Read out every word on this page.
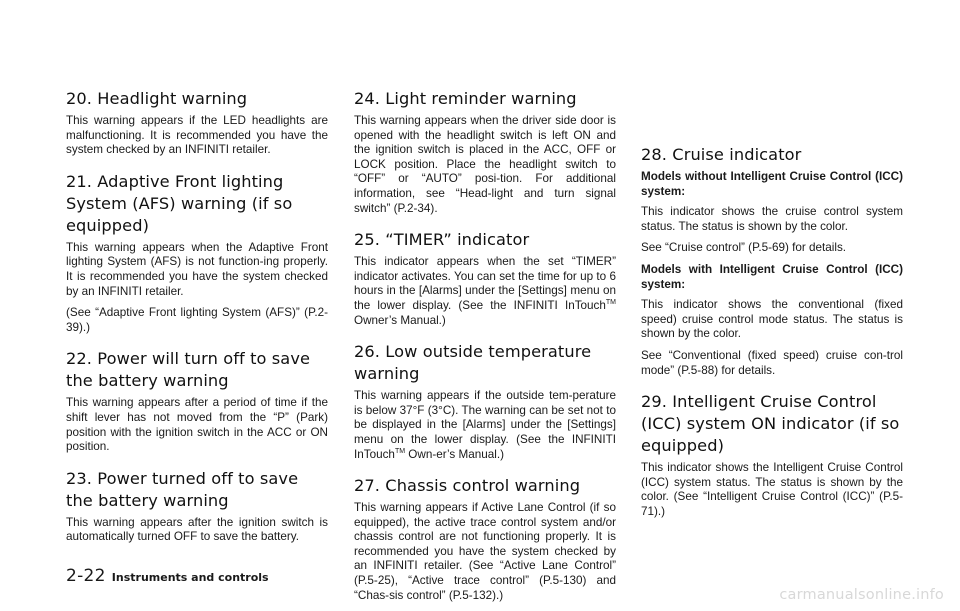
20. Headlight warning

This warning appears if the LED headlights are malfunctioning. It is recommended you have the system checked by an INFINITI retailer.

21. Adaptive Front lighting System (AFS) warning (if so equipped)

This warning appears when the Adaptive Front lighting System (AFS) is not function-ing properly. It is recommended you have the system checked by an INFINITI retailer.

(See “Adaptive Front lighting System (AFS)” (P.2-39).)

22. Power will turn off to save the battery warning

This warning appears after a period of time if the shift lever has not moved from the “P” (Park) position with the ignition switch in the ACC or ON position.

23. Power turned off to save the battery warning

This warning appears after the ignition switch is automatically turned OFF to save the battery.

24. Light reminder warning

This warning appears when the driver side door is opened with the headlight switch is left ON and the ignition switch is placed in the ACC, OFF or LOCK position. Place the headlight switch to “OFF” or “AUTO” posi-tion. For additional information, see “Head-light and turn signal switch” (P.2-34).

25. “TIMER” indicator

This indicator appears when the set “TIMER” indicator activates. You can set the time for up to 6 hours in the [Alarms] under the [Settings] menu on the lower display. (See the INFINITI InTouch™ Owner’s Manual.)

26. Low outside temperature warning

This warning appears if the outside tem-perature is below 37°F (3°C). The warning can be set not to be displayed in the [Alarms] under the [Settings] menu on the lower display. (See the INFINITI InTouch™ Own-er’s Manual.)

27. Chassis control warning

This warning appears if Active Lane Control (if so equipped), the active trace control system and/or chassis control are not functioning properly. It is recommended you have the system checked by an INFINITI retailer. (See “Active Lane Control” (P.5-25), “Active trace control” (P.5-130) and “Chas-sis control” (P.5-132).)

28. Cruise indicator

Models without Intelligent Cruise Control (ICC) system:

This indicator shows the cruise control system status. The status is shown by the color.

See “Cruise control” (P.5-69) for details.

Models with Intelligent Cruise Control (ICC) system:

This indicator shows the conventional (fixed speed) cruise control mode status. The status is shown by the color.

See “Conventional (fixed speed) cruise con-trol mode” (P.5-88) for details.

29. Intelligent Cruise Control (ICC) system ON indicator (if so equipped)

This indicator shows the Intelligent Cruise Control (ICC) system status. The status is shown by the color. (See “Intelligent Cruise Control (ICC)” (P.5-71).)

2-22 Instruments and controls
carmanualsonline.info
